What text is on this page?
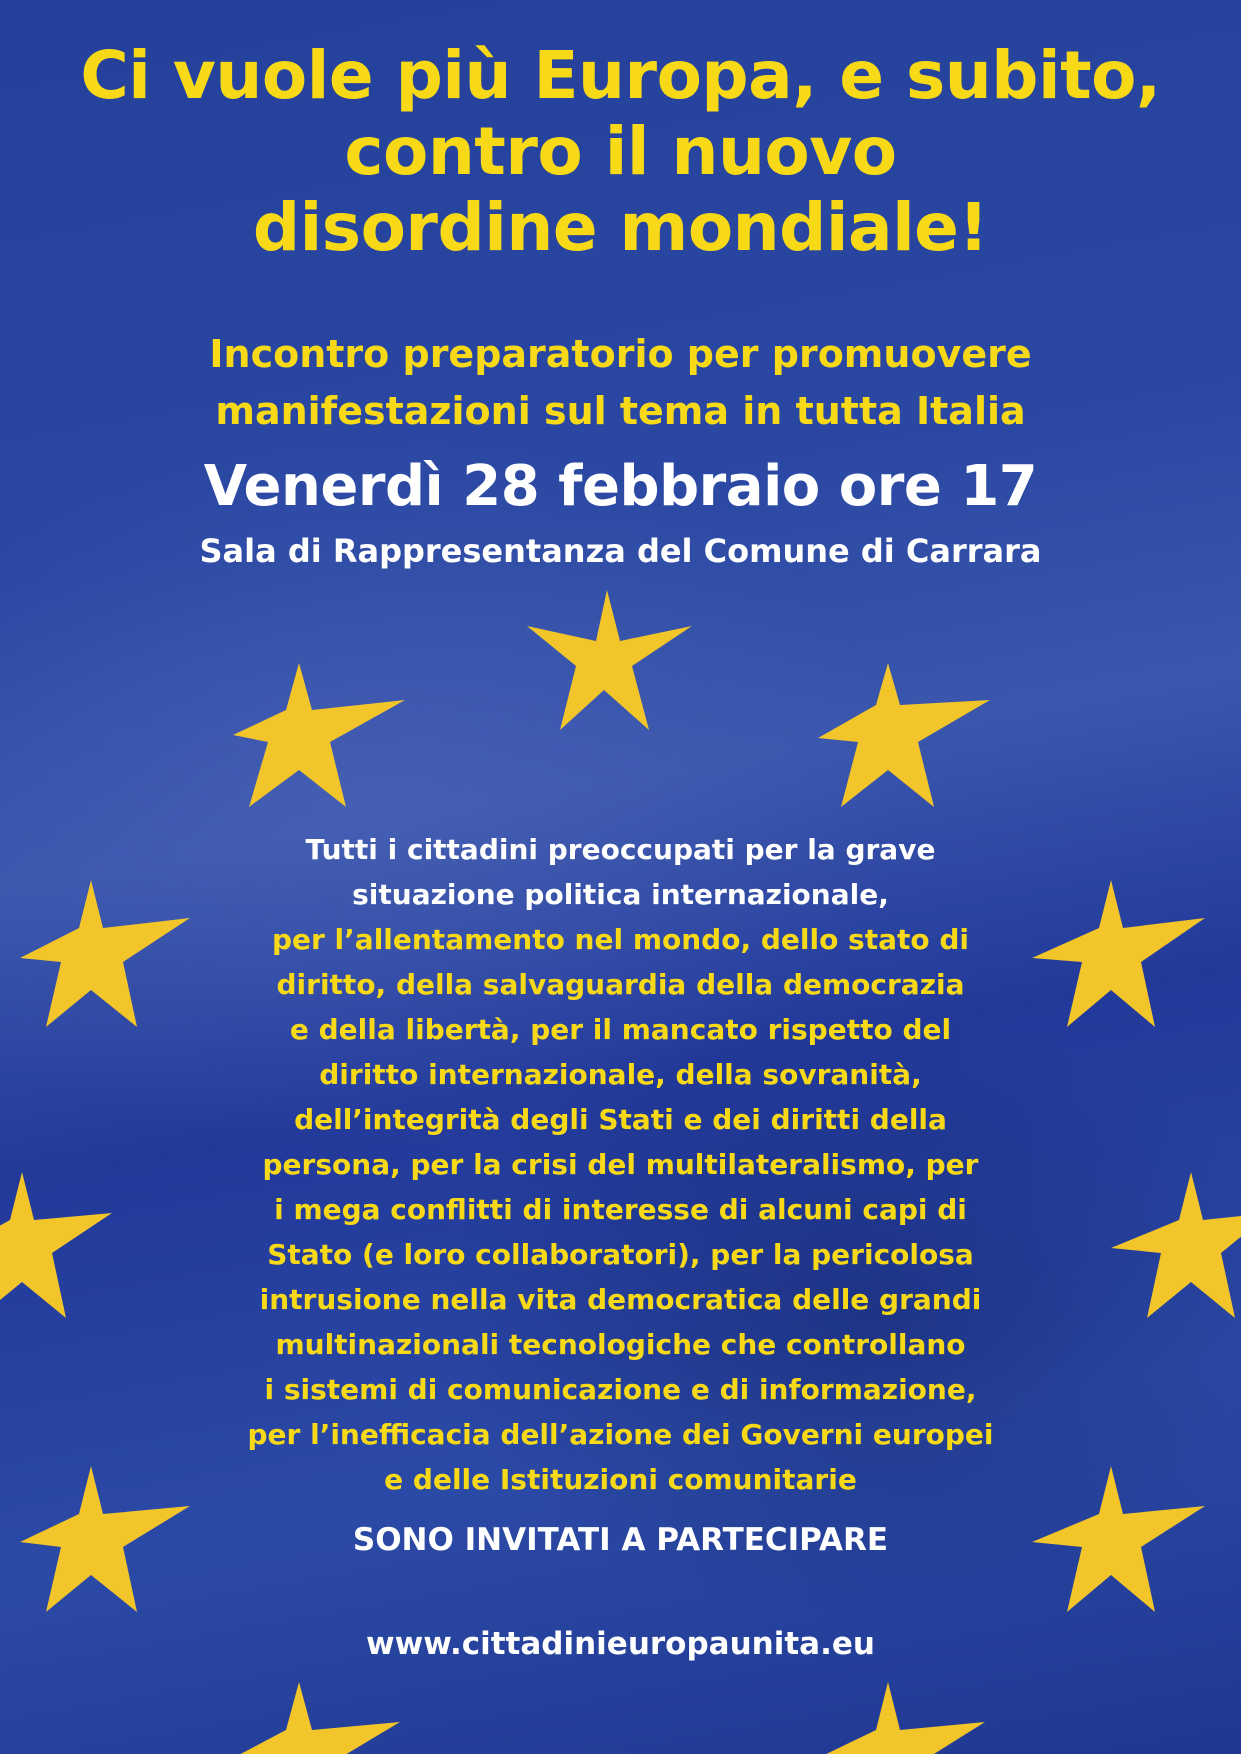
Ci vuole più Europa, e subito,
contro il nuovo
disordine mondiale!
Incontro preparatorio per promuovere
manifestazioni sul tema in tutta Italia
Venerdì 28 febbraio ore 17
Sala di Rappresentanza del Comune di Carrara
Tutti i cittadini preoccupati per la grave
situazione politica internazionale,
per l’allentamento nel mondo, dello stato di
diritto, della salvaguardia della democrazia
e della libertà, per il mancato rispetto del
diritto internazionale, della sovranità,
dell’integrità degli Stati e dei diritti della
persona, per la crisi del multilateralismo, per
i mega conflitti di interesse di alcuni capi di
Stato (e loro collaboratori), per la pericolosa
intrusione nella vita democratica delle grandi
multinazionali tecnologiche che controllano
i sistemi di comunicazione e di informazione,
per l’inefficacia dell’azione dei Governi europei
e delle Istituzioni comunitarie
SONO INVITATI A PARTECIPARE
www.cittadinieuropaunita.eu
